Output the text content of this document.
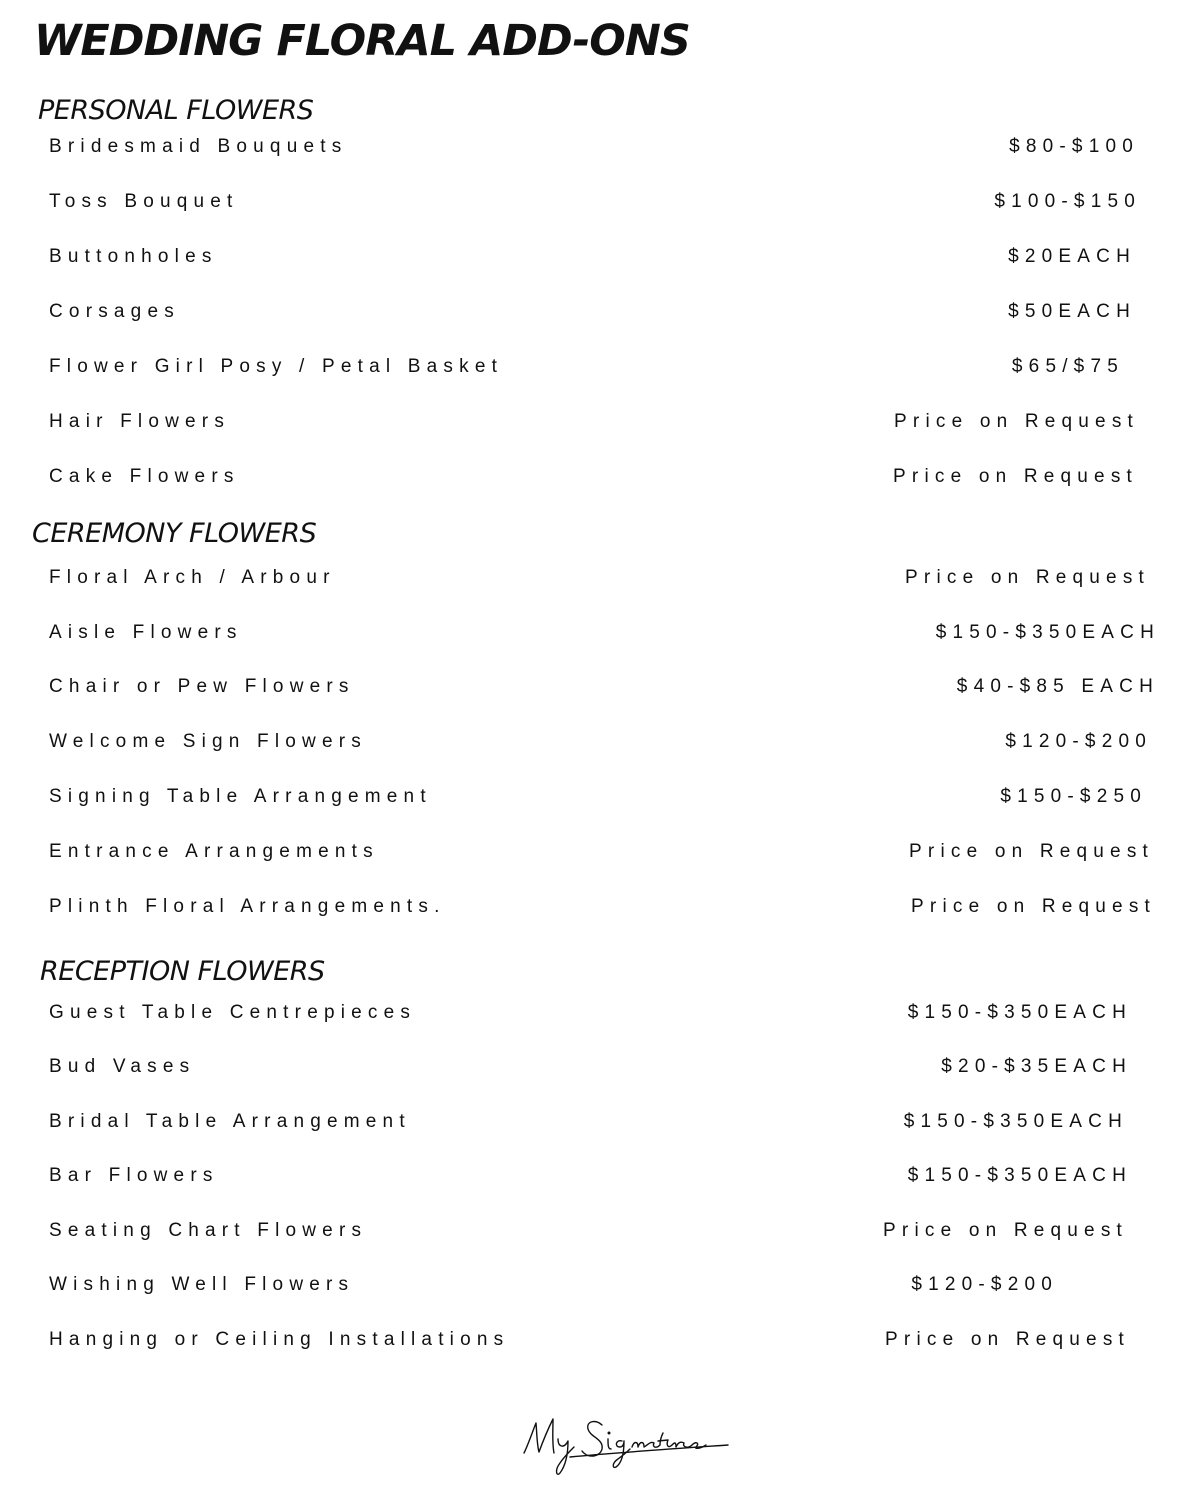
WEDDING FLORAL ADD-ONS
PERSONAL FLOWERS
Bridesmaid Bouquets	$80-$100
Toss Bouquet	$100-$150
Buttonholes	$20EACH
Corsages	$50EACH
Flower Girl Posy / Petal Basket	$65/$75
Hair Flowers	Price on Request
Cake Flowers	Price on Request
CEREMONY FLOWERS
Floral Arch / Arbour	Price on Request
Aisle Flowers	$150-$350EACH
Chair or Pew Flowers	$40-$85 EACH
Welcome Sign Flowers	$120-$200
Signing Table Arrangement	$150-$250
Entrance Arrangements	Price on Request
Plinth Floral Arrangements.	Price on Request
RECEPTION FLOWERS
Guest Table Centrepieces	$150-$350EACH
Bud Vases	$20-$35EACH
Bridal Table Arrangement	$150-$350EACH
Bar Flowers	$150-$350EACH
Seating Chart Flowers	Price on Request
Wishing Well Flowers	$120-$200
Hanging or Ceiling Installations	Price on Request
